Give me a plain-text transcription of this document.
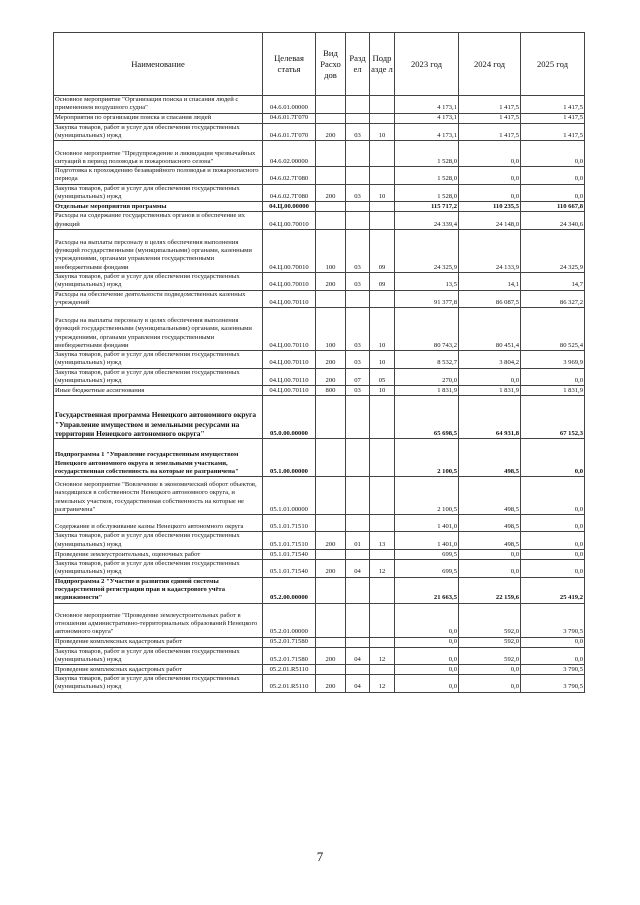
Наименование	Целевая статья	Вид Расхо дов	Разд ел	Подр азде л	2023 год	2024 год	2025 год
Основное мероприятие "Организация поиска и спасания людей с применением воздушного судна"	04.6.01.00000				4 173,1	1 417,5	1 417,5
Мероприятия по организации поиска и спасания людей	04.6.01.7Г070				4 173,1	1 417,5	1 417,5
Закупка товаров, работ и услуг для обеспечения государственных (муниципальных) нужд	04.6.01.7Г070	200	03	10	4 173,1	1 417,5	1 417,5
Основное мероприятие "Предупреждение и ликвидация чрезвычайных ситуаций в период половодья и пожароопасного сезона"	04.6.02.00000				1 528,0	0,0	0,0
Подготовка к прохождению безаварийного половодья и пожароопасного периода	04.6.02.7Г080				1 528,0	0,0	0,0
Закупка товаров, работ и услуг для обеспечения государственных (муниципальных) нужд	04.6.02.7Г080	200	03	10	1 528,0	0,0	0,0
Отдельные мероприятия программы	04.Ц.00.00000				115 717,2	110 235,5	110 667,8
Расходы на содержание государственных органов и обеспечение их функций	04.Ц.00.70010				24 339,4	24 148,0	24 340,6
Расходы на выплаты персоналу в целях обеспечения выполнения функций государственными (муниципальными) органами, казенными учреждениями, органами управления государственными внебюджетными фондами	04.Ц.00.70010	100	03	09	24 325,9	24 133,9	24 325,9
Закупка товаров, работ и услуг для обеспечения государственных (муниципальных) нужд	04.Ц.00.70010	200	03	09	13,5	14,1	14,7
Расходы на обеспечение деятельности подведомственных казенных учреждений	04.Ц.00.70110				91 377,8	86 087,5	86 327,2
Расходы на выплаты персоналу в целях обеспечения выполнения функций государственными (муниципальными) органами, казенными учреждениями, органами управления государственными внебюджетными фондами	04.Ц.00.70110	100	03	10	80 743,2	80 451,4	80 525,4
Закупка товаров, работ и услуг для обеспечения государственных (муниципальных) нужд	04.Ц.00.70110	200	03	10	8 532,7	3 804,2	3 969,9
Закупка товаров, работ и услуг для обеспечения государственных (муниципальных) нужд	04.Ц.00.70110	200	07	05	270,0	0,0	0,0
Иные бюджетные ассигнования	04.Ц.00.70110	800	03	10	1 831,9	1 831,9	1 831,9
Государственная программа Ненецкого автономного округа "Управление имуществом и земельными ресурсами на территории Ненецкого автономного округа"	05.0.00.00000				65 698,5	64 931,8	67 152,3
Подпрограмма 1 "Управление государственным имуществом Ненецкого автономного округа и земельными участками, государственная собственность на которые не разграничена"	05.1.00.00000				2 100,5	498,5	0,0
Основное мероприятие "Вовлечение в экономический оборот объектов, находящихся в собственности Ненецкого автономного округа, и земельных участков, государственная собственность на которые не разграничена"	05.1.01.00000				2 100,5	498,5	0,0
Содержание и обслуживание казны Ненецкого автономного округа	05.1.01.71510				1 401,0	498,5	0,0
Закупка товаров, работ и услуг для обеспечения государственных (муниципальных) нужд	05.1.01.71510	200	01	13	1 401,0	498,5	0,0
Проведение землеустроительных, оценочных работ	05.1.01.71540				699,5	0,0	0,0
Закупка товаров, работ и услуг для обеспечения государственных (муниципальных) нужд	05.1.01.71540	200	04	12	699,5	0,0	0,0
Подпрограмма 2 "Участие в развитии единой системы государственной регистрации прав и кадастрового учёта недвижимости"	05.2.00.00000				21 663,5	22 159,6	25 419,2
Основное мероприятие "Проведение землеустроительных работ в отношении административно-территориальных образований Ненецкого автономного округа"	05.2.01.00000				0,0	592,0	3 790,5
Проведение комплексных кадастровых работ	05.2.01.71580				0,0	592,0	0,0
Закупка товаров, работ и услуг для обеспечения государственных (муниципальных) нужд	05.2.01.71580	200	04	12	0,0	592,0	0,0
Проведение комплексных кадастровых работ	05.2.01.R5110				0,0	0,0	3 790,5
Закупка товаров, работ и услуг для обеспечения государственных (муниципальных) нужд	05.2.01.R5110	200	04	12	0,0	0,0	3 790,5
7
